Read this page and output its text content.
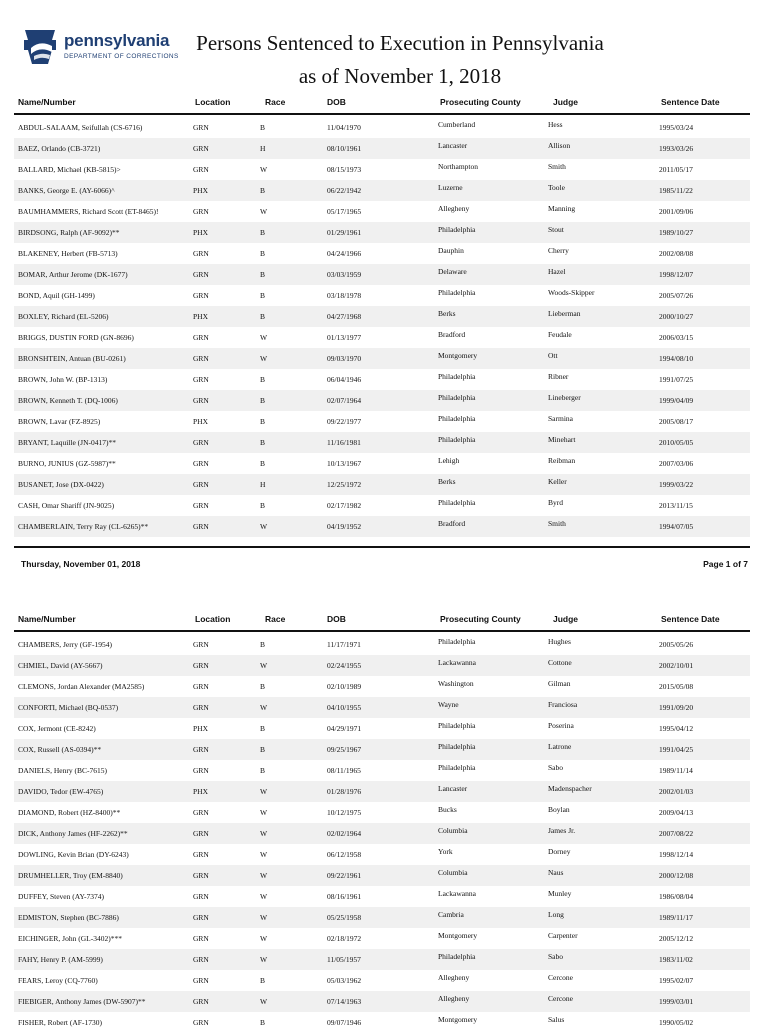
pennsylvania
DEPARTMENT OF CORRECTIONS
Persons Sentenced to Execution in Pennsylvania
as of November 1, 2018
Name/Number	Location	Race	DOB	Prosecuting County	Judge	Sentence Date
ABDUL-SALAAM, Seifullah (CS-6716)	GRN	B	11/04/1970	Cumberland	Hess	1995/03/24
BAEZ, Orlando (CB-3721)	GRN	H	08/10/1961	Lancaster	Allison	1993/03/26
BALLARD, Michael (KB-5815)>	GRN	W	08/15/1973	Northampton	Smith	2011/05/17
BANKS, George E. (AY-6066)^	PHX	B	06/22/1942	Luzerne	Toole	1985/11/22
BAUMHAMMERS, Richard Scott (ET-8465)!	GRN	W	05/17/1965	Allegheny	Manning	2001/09/06
BIRDSONG, Ralph (AF-9092)**	PHX	B	01/29/1961	Philadelphia	Stout	1989/10/27
BLAKENEY, Herbert (FB-5713)	GRN	B	04/24/1966	Dauphin	Cherry	2002/08/08
BOMAR, Arthur Jerome (DK-1677)	GRN	B	03/03/1959	Delaware	Hazel	1998/12/07
BOND, Aquil (GH-1499)	GRN	B	03/18/1978	Philadelphia	Woods-Skipper	2005/07/26
BOXLEY, Richard (EL-5206)	PHX	B	04/27/1968	Berks	Lieberman	2000/10/27
BRIGGS, DUSTIN FORD (GN-8696)	GRN	W	01/13/1977	Bradford	Feudale	2006/03/15
BRONSHTEIN, Antuan (BU-0261)	GRN	W	09/03/1970	Montgomery	Ott	1994/08/10
BROWN, John W. (BP-1313)	GRN	B	06/04/1946	Philadelphia	Ribner	1991/07/25
BROWN, Kenneth T. (DQ-1006)	GRN	B	02/07/1964	Philadelphia	Lineberger	1999/04/09
BROWN, Lavar (FZ-8925)	PHX	B	09/22/1977	Philadelphia	Sarmina	2005/08/17
BRYANT, Laquille (JN-0417)**	GRN	B	11/16/1981	Philadelphia	Minehart	2010/05/05
BURNO, JUNIUS (GZ-5987)**	GRN	B	10/13/1967	Lehigh	Reibman	2007/03/06
BUSANET, Jose (DX-0422)	GRN	H	12/25/1972	Berks	Keller	1999/03/22
CASH, Omar Shariff (JN-9025)	GRN	B	02/17/1982	Philadelphia	Byrd	2013/11/15
CHAMBERLAIN, Terry Ray (CL-6265)**	GRN	W	04/19/1952	Bradford	Smith	1994/07/05
Thursday, November 01, 2018	Page 1 of 7
Name/Number	Location	Race	DOB	Prosecuting County	Judge	Sentence Date
CHAMBERS, Jerry (GF-1954)	GRN	B	11/17/1971	Philadelphia	Hughes	2005/05/26
CHMIEL, David (AY-5667)	GRN	W	02/24/1955	Lackawanna	Cottone	2002/10/01
CLEMONS, Jordan Alexander (MA2585)	GRN	B	02/10/1989	Washington	Gilman	2015/05/08
CONFORTI, Michael (BQ-0537)	GRN	W	04/10/1955	Wayne	Franciosa	1991/09/20
COX, Jermont (CE-8242)	PHX	B	04/29/1971	Philadelphia	Poserina	1995/04/12
COX, Russell (AS-0394)**	GRN	B	09/25/1967	Philadelphia	Latrone	1991/04/25
DANIELS, Henry (BC-7615)	GRN	B	08/11/1965	Philadelphia	Sabo	1989/11/14
DAVIDO, Tedor (EW-4765)	PHX	W	01/28/1976	Lancaster	Madenspacher	2002/01/03
DIAMOND, Robert (HZ-8400)**	GRN	W	10/12/1975	Bucks	Boylan	2009/04/13
DICK, Anthony James (HF-2262)**	GRN	W	02/02/1964	Columbia	James Jr.	2007/08/22
DOWLING, Kevin Brian (DY-6243)	GRN	W	06/12/1958	York	Dorney	1998/12/14
DRUMHELLER, Troy (EM-8840)	GRN	W	09/22/1961	Columbia	Naus	2000/12/08
DUFFEY, Steven (AY-7374)	GRN	W	08/16/1961	Lackawanna	Munley	1986/08/04
EDMISTON, Stephen (BC-7886)	GRN	W	05/25/1958	Cambria	Long	1989/11/17
EICHINGER, John (GL-3402)***	GRN	W	02/18/1972	Montgomery	Carpenter	2005/12/12
FAHY, Henry P. (AM-5999)	GRN	W	11/05/1957	Philadelphia	Sabo	1983/11/02
FEARS, Leroy (CQ-7760)	GRN	B	05/03/1962	Allegheny	Cercone	1995/02/07
FIEBIGER, Anthony James (DW-5907)**	GRN	W	07/14/1963	Allegheny	Cercone	1999/03/01
FISHER, Robert (AF-1730)	GRN	B	09/07/1946	Montgomery	Salus	1990/05/02
